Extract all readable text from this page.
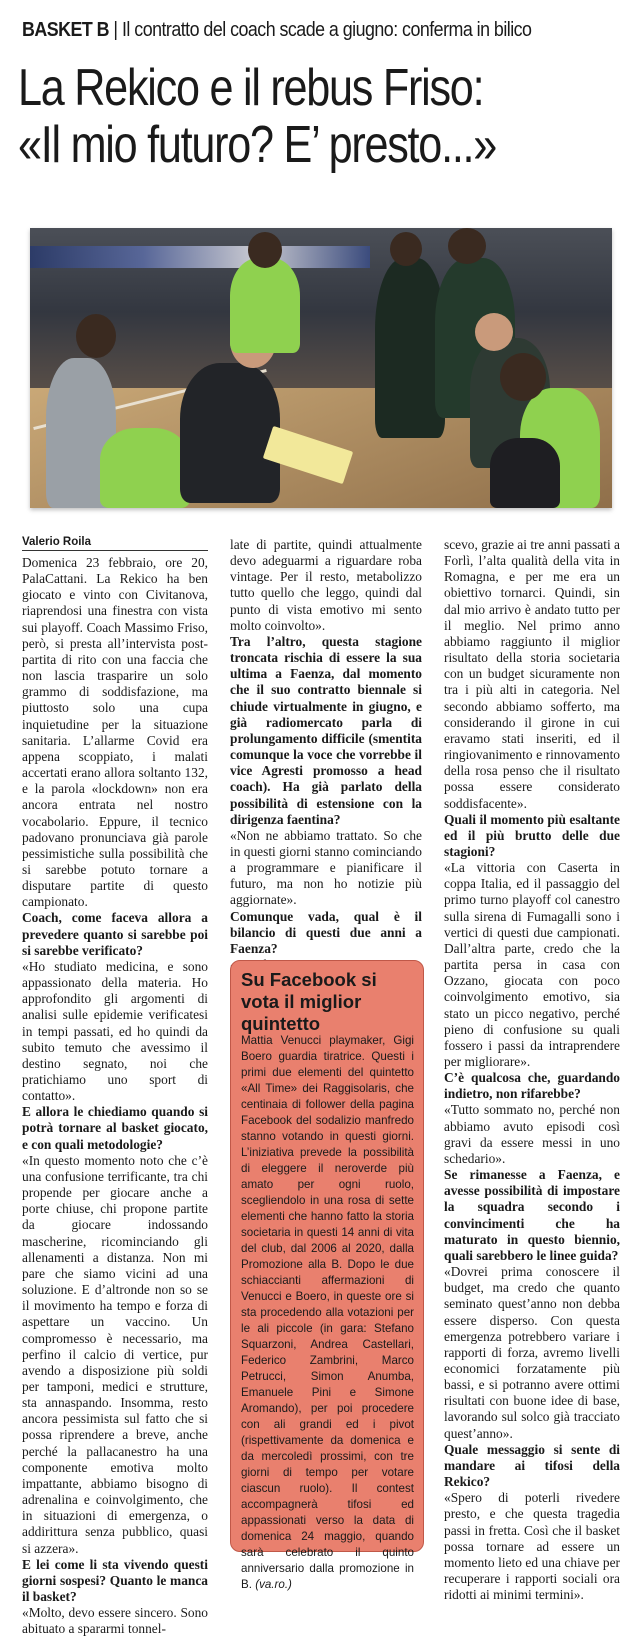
BASKET B | Il contratto del coach scade a giugno: conferma in bilico
La Rekico e il rebus Friso:
«Il mio futuro? E’ presto...»
Valerio Roila

Domenica 23 febbraio, ore 20, PalaCattani. La Rekico ha ben giocato e vinto con Civitanova, riaprendosi una finestra con vista sui playoff. Coach Massimo Friso, però, si presta all’intervista post-partita di rito con una faccia che non lascia trasparire un solo grammo di soddisfazione, ma piuttosto solo una cupa inquietudine per la situazione sanitaria. L’allarme Covid era appena scoppiato, i malati accertati erano allora soltanto 132, e la parola «lockdown» non era ancora entrata nel nostro vocabolario. Eppure, il tecnico padovano pronunciava già parole pessimistiche sulla possibilità che si sarebbe potuto tornare a disputare partite di questo campionato.

Coach, come faceva allora a prevedere quanto si sarebbe poi si sarebbe verificato?

«Ho studiato medicina, e sono appassionato della materia. Ho approfondito gli argomenti di analisi sulle epidemie verificatesi in tempi passati, ed ho quindi da subito temuto che avessimo il destino segnato, noi che pratichiamo uno sport di contatto».

E allora le chiediamo quando si potrà tornare al basket giocato, e con quali metodologie?

«In questo momento noto che c’è una confusione terrificante, tra chi propende per giocare anche a porte chiuse, chi propone partite da giocare indossando mascherine, ricominciando gli allenamenti a distanza. Non mi pare che siamo vicini ad una soluzione. E d’altronde non so se il movimento ha tempo e forza di aspettare un vaccino. Un compromesso è necessario, ma perfino il calcio di vertice, pur avendo a disposizione più soldi per tamponi, medici e strutture, sta annaspando. Insomma, resto ancora pessimista sul fatto che si possa riprendere a breve, anche perché la pallacanestro ha una componente emotiva molto impattante, abbiamo bisogno di adrenalina e coinvolgimento, che in situazioni di emergenza, o addirittura senza pubblico, quasi si azzera».

E lei come li sta vivendo questi giorni sospesi? Quanto le manca il basket?

«Molto, devo essere sincero. Sono abituato a spararmi tonnel-

late di partite, quindi attualmente devo adeguarmi a riguardare roba vintage. Per il resto, metabolizzo tutto quello che leggo, quindi dal punto di vista emotivo mi sento molto coinvolto».

Tra l’altro, questa stagione troncata rischia di essere la sua ultima a Faenza, dal momento che il suo contratto biennale si chiude virtualmente in giugno, e già radiomercato parla di prolungamento difficile (smentita comunque la voce che vorrebbe il vice Agresti promosso a head coach). Ha già parlato della possibilità di estensione con la dirigenza faentina?

«Non ne abbiamo trattato. So che in questi giorni stanno cominciando a programmare e pianificare il futuro, ma non ho notizie più aggiornate».

Comunque vada, qual è il bilancio di questi due anni a Faenza?

Su Facebook si vota il miglior quintetto
Mattia Venucci playmaker, Gigi Boero guardia tiratrice. Questi i primi due elementi del quintetto «All Time» dei Raggisolaris, che centinaia di follower della pagina Facebook del sodalizio manfredo stanno votando in questi giorni. L’iniziativa prevede la possibilità di eleggere il neroverde più amato per ogni ruolo, scegliendolo in una rosa di sette elementi che hanno fatto la storia societaria in questi 14 anni di vita del club, dal 2006 al 2020, dalla Promozione alla B. Dopo le due schiaccianti affermazioni di Venucci e Boero, in queste ore si sta procedendo alla votazioni per le ali piccole (in gara: Stefano Squarzoni, Andrea Castellari, Federico Zambrini, Marco Petrucci, Simon Anumba, Emanuele Pini e Simone Aromando), per poi procedere con ali grandi ed i pivot (rispettivamente da domenica e da mercoledì prossimi, con tre giorni di tempo per votare ciascun ruolo). Il contest accompagnerà tifosi ed appassionati verso la data di domenica 24 maggio, quando sarà celebrato il quinto anniversario dalla promozione in B. (va.ro.)

scevo, grazie ai tre anni passati a Forlì, l’alta qualità della vita in Romagna, e per me era un obiettivo tornarci. Quindi, sin dal mio arrivo è andato tutto per il meglio. Nel primo anno abbiamo raggiunto il miglior risultato della storia societaria con un budget sicuramente non tra i più alti in categoria. Nel secondo abbiamo sofferto, ma considerando il girone in cui eravamo stati inseriti, ed il ringiovanimento e rinnovamento della rosa penso che il risultato possa essere considerato soddisfacente».

Quali il momento più esaltante ed il più brutto delle due stagioni?

«La vittoria con Caserta in coppa Italia, ed il passaggio del primo turno playoff col canestro sulla sirena di Fumagalli sono i vertici di questi due campionati. Dall’altra parte, credo che la partita persa in casa con Ozzano, giocata con poco coinvolgimento emotivo, sia stato un picco negativo, perché pieno di confusione su quali fossero i passi da intraprendere per migliorare».

C’è qualcosa che, guardando indietro, non rifarebbe?

«Tutto sommato no, perché non abbiamo avuto episodi così gravi da essere messi in uno schedario».

Se rimanesse a Faenza, e avesse possibilità di impostare la squadra secondo i convincimenti che ha maturato in questo biennio, quali sarebbero le linee guida?

«Dovrei prima conoscere il budget, ma credo che quanto seminato quest’anno non debba essere disperso. Con questa emergenza potrebbero variare i rapporti di forza, avremo livelli economici forzatamente più bassi, e si potranno avere ottimi risultati con buone idee di base, lavorando sul solco già tracciato quest’anno».

Quale messaggio si sente di mandare ai tifosi della Rekico?

«Spero di poterli rivedere presto, e che questa tragedia passi in fretta. Così che il basket possa tornare ad essere un momento lieto ed una chiave per recuperare i rapporti sociali ora ridotti ai minimi termini».
